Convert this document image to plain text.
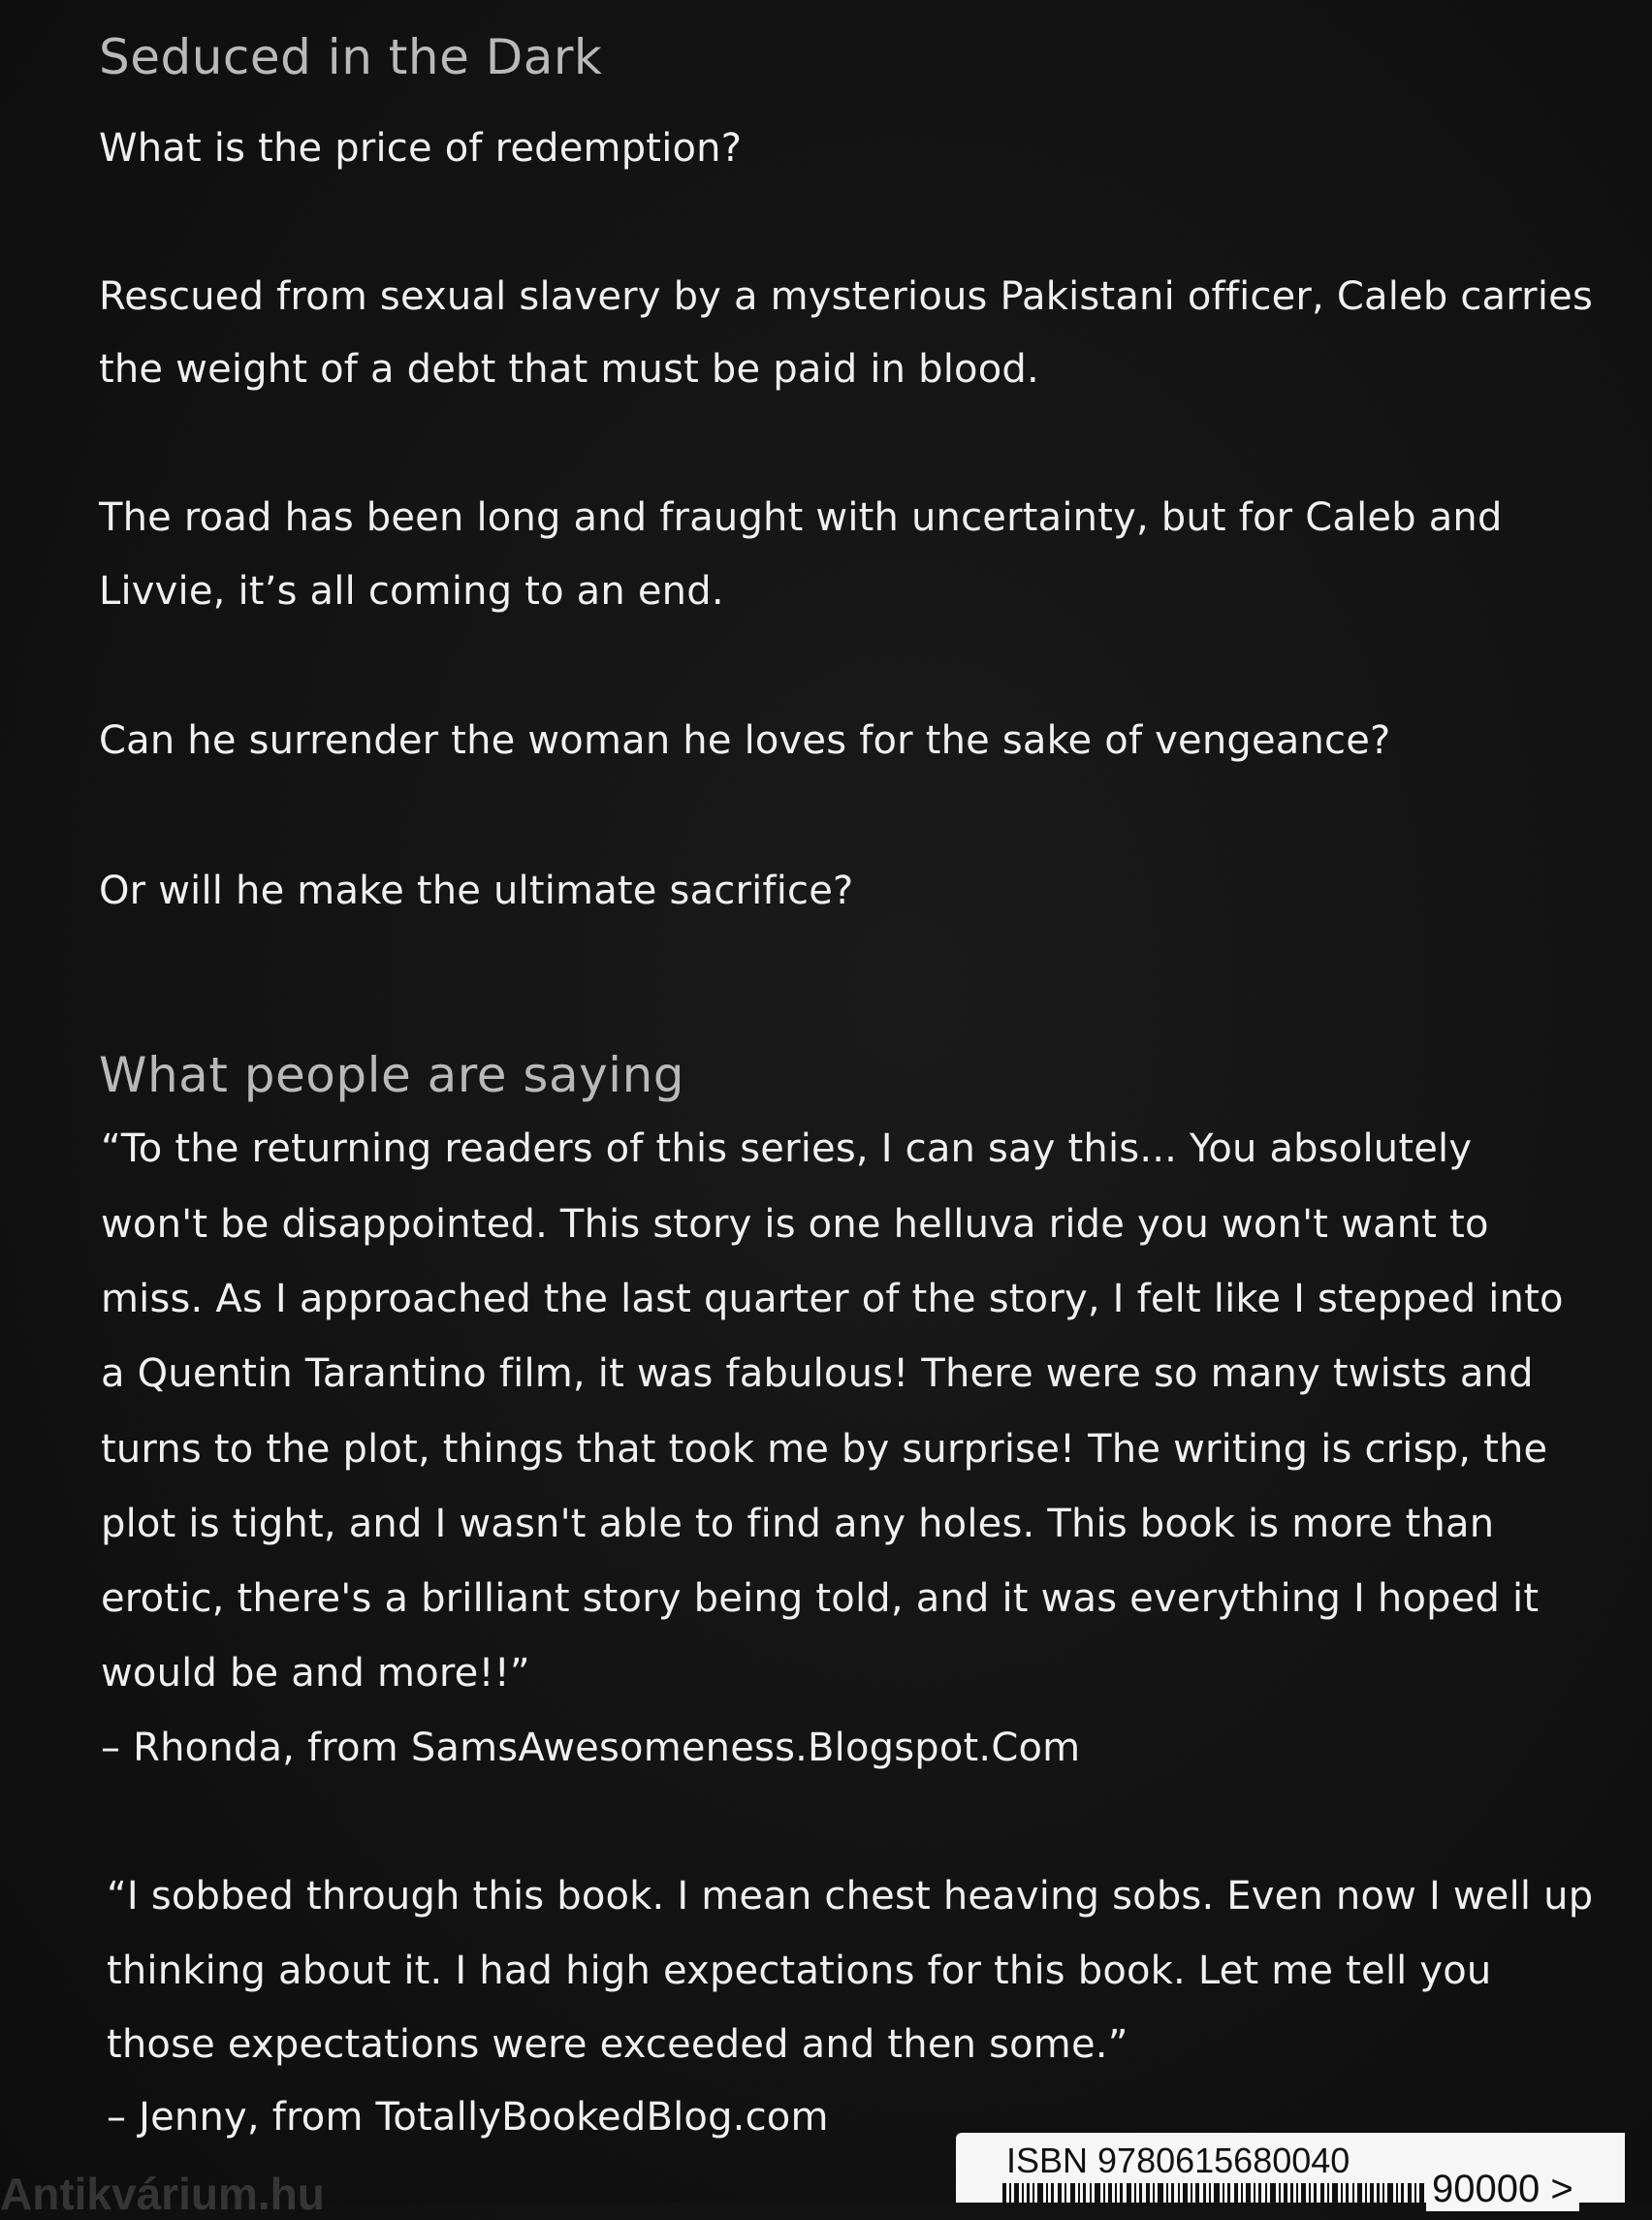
Seduced in the Dark

What is the price of redemption?

Rescued from sexual slavery by a mysterious Pakistani officer, Caleb carries

the weight of a debt that must be paid in blood.

The road has been long and fraught with uncertainty, but for Caleb and

Livvie, it’s all coming to an end.

Can he surrender the woman he loves for the sake of vengeance?

Or will he make the ultimate sacrifice?

What people are saying

“To the returning readers of this series, I can say this... You absolutely

won't be disappointed. This story is one helluva ride you won't want to

miss. As I approached the last quarter of the story, I felt like I stepped into

a Quentin Tarantino film, it was fabulous! There were so many twists and

turns to the plot, things that took me by surprise! The writing is crisp, the

plot is tight, and I wasn't able to find any holes. This book is more than

erotic, there's a brilliant story being told, and it was everything I hoped it

would be and more!!”

– Rhonda, from SamsAwesomeness.Blogspot.Com

“I sobbed through this book. I mean chest heaving sobs. Even now I well up

thinking about it. I had high expectations for this book. Let me tell you

those expectations were exceeded and then some.”

– Jenny, from TotallyBookedBlog.com

Antikvárium.hu
ISBN 9780615680040
90000 >
